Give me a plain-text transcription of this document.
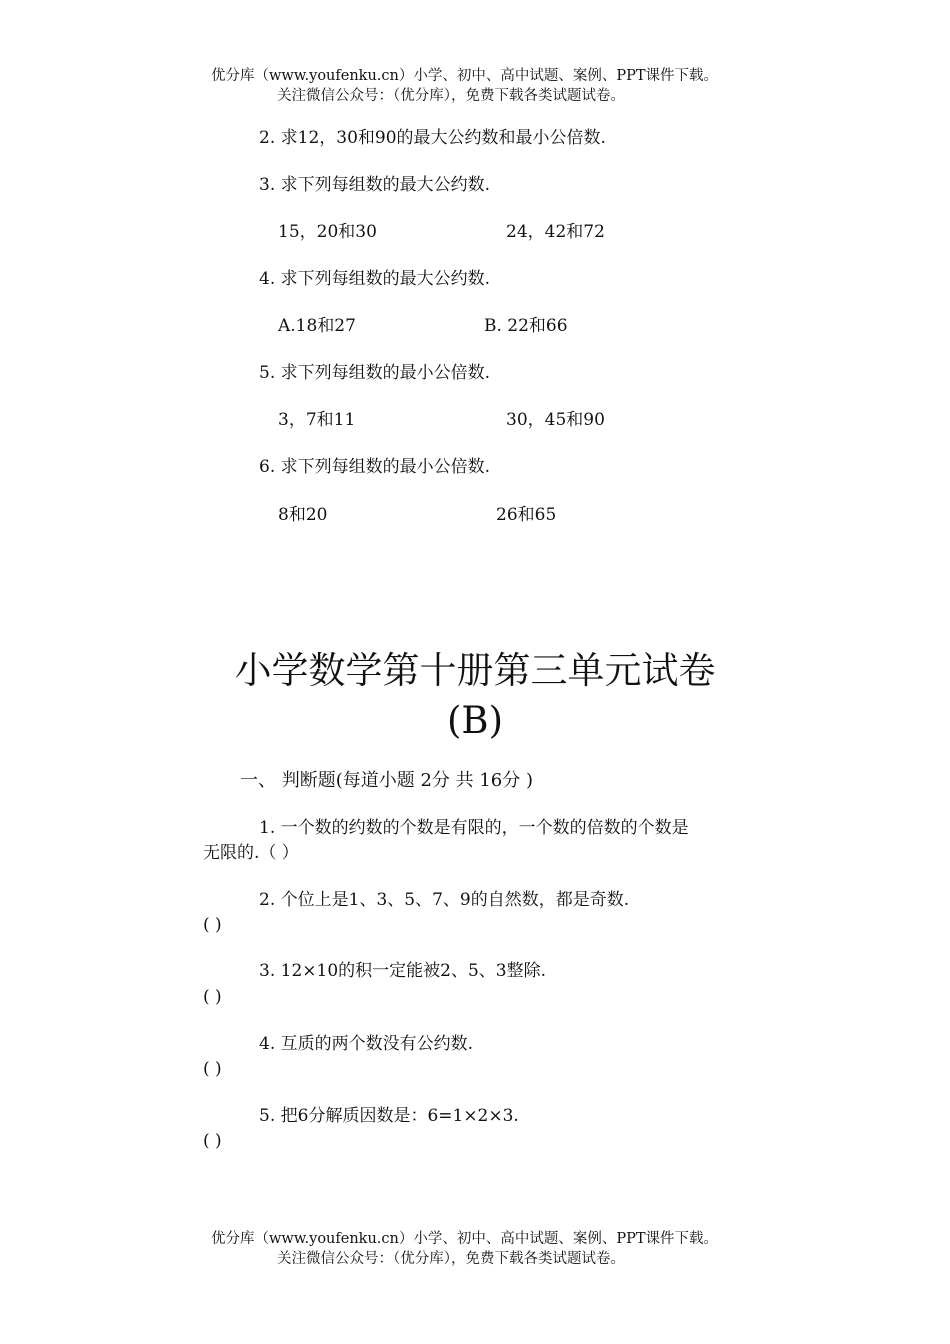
优分库（www.youfenku.cn）小学、初中、高中试题、案例、PPT课件下载。
关注微信公众号：（优分库），免费下载各类试题试卷。
2. 求12，30和90的最大公约数和最小公倍数.
3. 求下列每组数的最大公约数.
15，20和30	24，42和72
4. 求下列每组数的最大公约数.
A.18和27	B. 22和66
5. 求下列每组数的最小公倍数.
3，7和11	30，45和90
6. 求下列每组数的最小公倍数.
8和20	26和65
小学数学第十册第三单元试卷
(B)
一、 判断题(每道小题 2分 共 16分 )
1. 一个数的约数的个数是有限的，一个数的倍数的个数是
无限的.（ ）
2. 个位上是1、3、5、7、9的自然数，都是奇数.
( )
3. 12×10的积一定能被2、5、3整除.
( )
4. 互质的两个数没有公约数.
( )
5. 把6分解质因数是：6=1×2×3.
( )
优分库（www.youfenku.cn）小学、初中、高中试题、案例、PPT课件下载。
关注微信公众号：（优分库），免费下载各类试题试卷。
